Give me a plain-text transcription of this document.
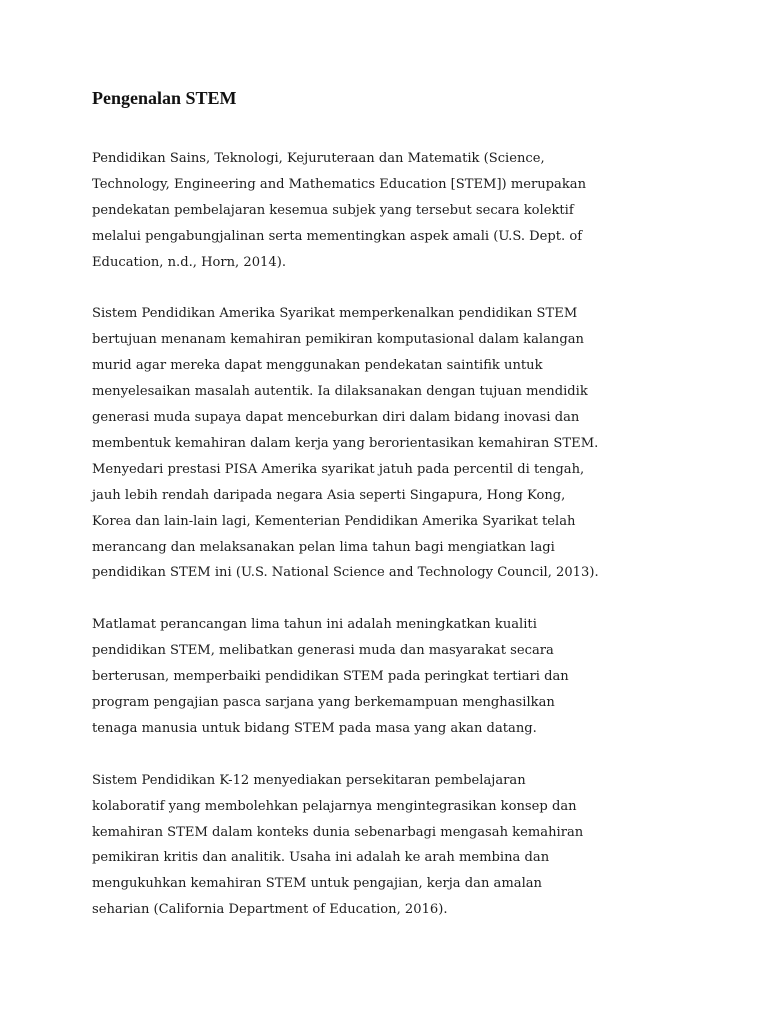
Pengenalan STEM

Pendidikan Sains, Teknologi, Kejuruteraan dan Matematik (Science,
Technology, Engineering and Mathematics Education [STEM]) merupakan
pendekatan pembelajaran kesemua subjek yang tersebut secara kolektif
melalui pengabungjalinan serta mementingkan aspek amali (U.S. Dept. of
Education, n.d., Horn, 2014).

Sistem Pendidikan Amerika Syarikat memperkenalkan pendidikan STEM
bertujuan menanam kemahiran pemikiran komputasional dalam kalangan
murid agar mereka dapat menggunakan pendekatan saintifik untuk
menyelesaikan masalah autentik. Ia dilaksanakan dengan tujuan mendidik
generasi muda supaya dapat menceburkan diri dalam bidang inovasi dan
membentuk kemahiran dalam kerja yang berorientasikan kemahiran STEM.
Menyedari prestasi PISA Amerika syarikat jatuh pada percentil di tengah,
jauh lebih rendah daripada negara Asia seperti Singapura, Hong Kong,
Korea dan lain-lain lagi, Kementerian Pendidikan Amerika Syarikat telah
merancang dan melaksanakan pelan lima tahun bagi mengiatkan lagi
pendidikan STEM ini (U.S. National Science and Technology Council, 2013).

Matlamat perancangan lima tahun ini adalah meningkatkan kualiti
pendidikan STEM, melibatkan generasi muda dan masyarakat secara
berterusan, memperbaiki pendidikan STEM pada peringkat tertiari dan
program pengajian pasca sarjana yang berkemampuan menghasilkan
tenaga manusia untuk bidang STEM pada masa yang akan datang.

Sistem Pendidikan K-12 menyediakan persekitaran pembelajaran
kolaboratif yang membolehkan pelajarnya mengintegrasikan konsep dan
kemahiran STEM dalam konteks dunia sebenarbagi mengasah kemahiran
pemikiran kritis dan analitik. Usaha ini adalah ke arah membina dan
mengukuhkan kemahiran STEM untuk pengajian, kerja dan amalan
seharian (California Department of Education, 2016).
